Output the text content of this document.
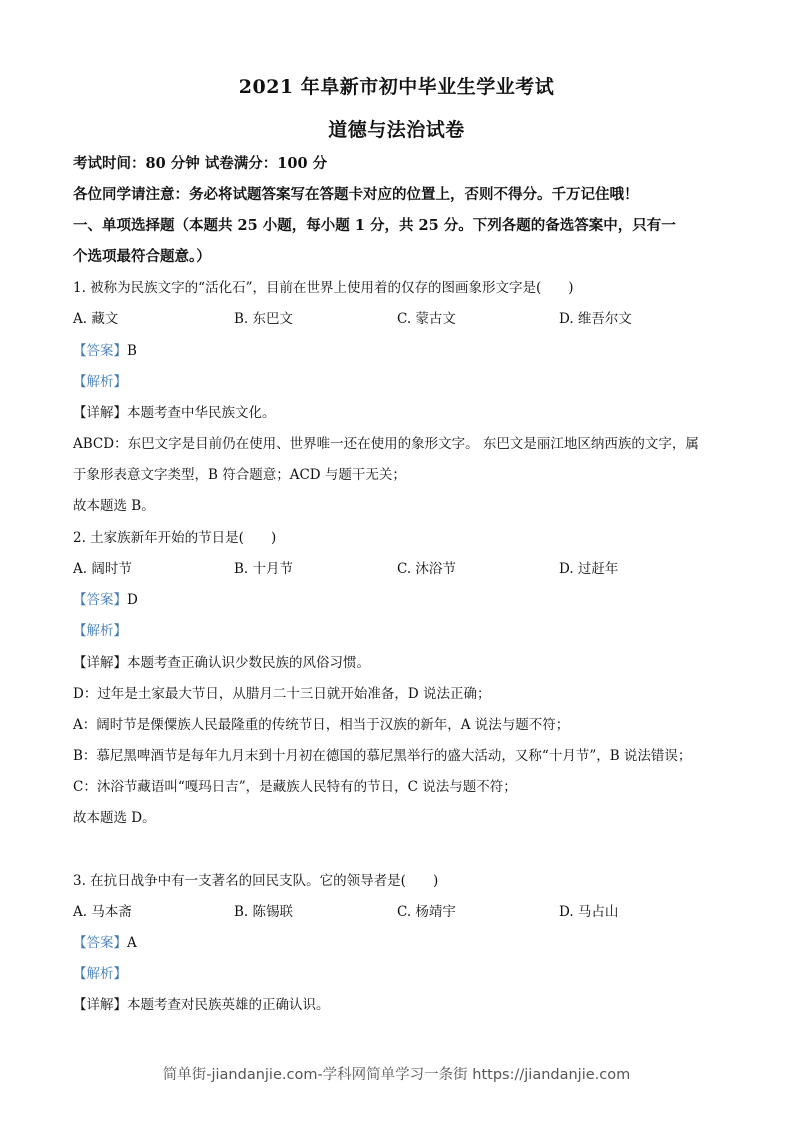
2021 年阜新市初中毕业生学业考试
道德与法治试卷
考试时间：80 分钟 试卷满分：100 分
各位同学请注意：务必将试题答案写在答题卡对应的位置上，否则不得分。千万记住哦！
一、单项选择题（本题共 25 小题，每小题 1 分，共 25 分。下列各题的备选答案中，只有一
个选项最符合题意。）
1. 被称为民族文字的“活化石”，目前在世界上使用着的仅存的图画象形文字是(　　)
A. 藏文	B. 东巴文	C. 蒙古文	D. 维吾尔文
【答案】B
【解析】
【详解】本题考查中华民族文化。
ABCD：东巴文字是目前仍在使用、世界唯一还在使用的象形文字。 东巴文是丽江地区纳西族的文字，属
于象形表意文字类型，B 符合题意；ACD 与题干无关；
故本题选 B。
2. 土家族新年开始的节日是(　　)
A. 阔时节	B. 十月节	C. 沐浴节	D. 过赶年
【答案】D
【解析】
【详解】本题考查正确认识少数民族的风俗习惯。
D：过年是土家最大节日，从腊月二十三日就开始准备，D 说法正确；
A：阔时节是傈僳族人民最隆重的传统节日，相当于汉族的新年，A 说法与题不符；
B：慕尼黑啤酒节是每年九月末到十月初在德国的慕尼黑举行的盛大活动，又称“十月节”，B 说法错误；
C：沐浴节藏语叫“嘎玛日吉”，是藏族人民特有的节日，C 说法与题不符；
故本题选 D。
3. 在抗日战争中有一支著名的回民支队。它的领导者是(　　)
A. 马本斋	B. 陈锡联	C. 杨靖宇	D. 马占山
【答案】A
【解析】
【详解】本题考查对民族英雄的正确认识。
简单街-jiandanjie.com-学科网简单学习一条街 https://jiandanjie.com
